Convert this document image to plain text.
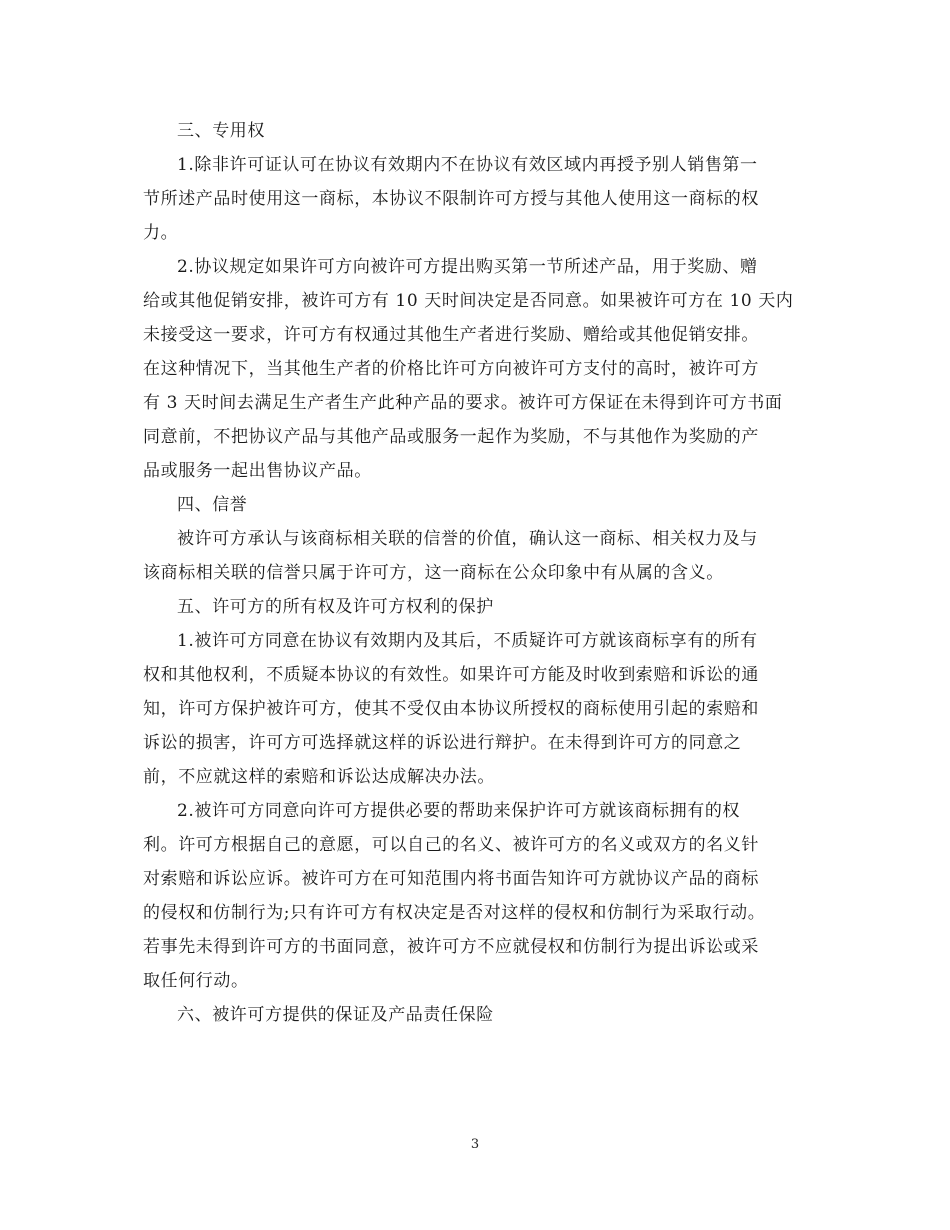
三、专用权
1.除非许可证认可在协议有效期内不在协议有效区域内再授予别人销售第一
节所述产品时使用这一商标，本协议不限制许可方授与其他人使用这一商标的权
力。
2.协议规定如果许可方向被许可方提出购买第一节所述产品，用于奖励、赠
给或其他促销安排，被许可方有 10 天时间决定是否同意。如果被许可方在 10 天内
未接受这一要求，许可方有权通过其他生产者进行奖励、赠给或其他促销安排。
在这种情况下，当其他生产者的价格比许可方向被许可方支付的高时，被许可方
有 3 天时间去满足生产者生产此种产品的要求。被许可方保证在未得到许可方书面
同意前，不把协议产品与其他产品或服务一起作为奖励，不与其他作为奖励的产
品或服务一起出售协议产品。
四、信誉
被许可方承认与该商标相关联的信誉的价值，确认这一商标、相关权力及与
该商标相关联的信誉只属于许可方，这一商标在公众印象中有从属的含义。
五、许可方的所有权及许可方权利的保护
1.被许可方同意在协议有效期内及其后，不质疑许可方就该商标享有的所有
权和其他权利，不质疑本协议的有效性。如果许可方能及时收到索赔和诉讼的通
知，许可方保护被许可方，使其不受仅由本协议所授权的商标使用引起的索赔和
诉讼的损害，许可方可选择就这样的诉讼进行辩护。在未得到许可方的同意之
前，不应就这样的索赔和诉讼达成解决办法。
2.被许可方同意向许可方提供必要的帮助来保护许可方就该商标拥有的权
利。许可方根据自己的意愿，可以自己的名义、被许可方的名义或双方的名义针
对索赔和诉讼应诉。被许可方在可知范围内将书面告知许可方就协议产品的商标
的侵权和仿制行为;只有许可方有权决定是否对这样的侵权和仿制行为采取行动。
若事先未得到许可方的书面同意，被许可方不应就侵权和仿制行为提出诉讼或采
取任何行动。
六、被许可方提供的保证及产品责任保险
3
